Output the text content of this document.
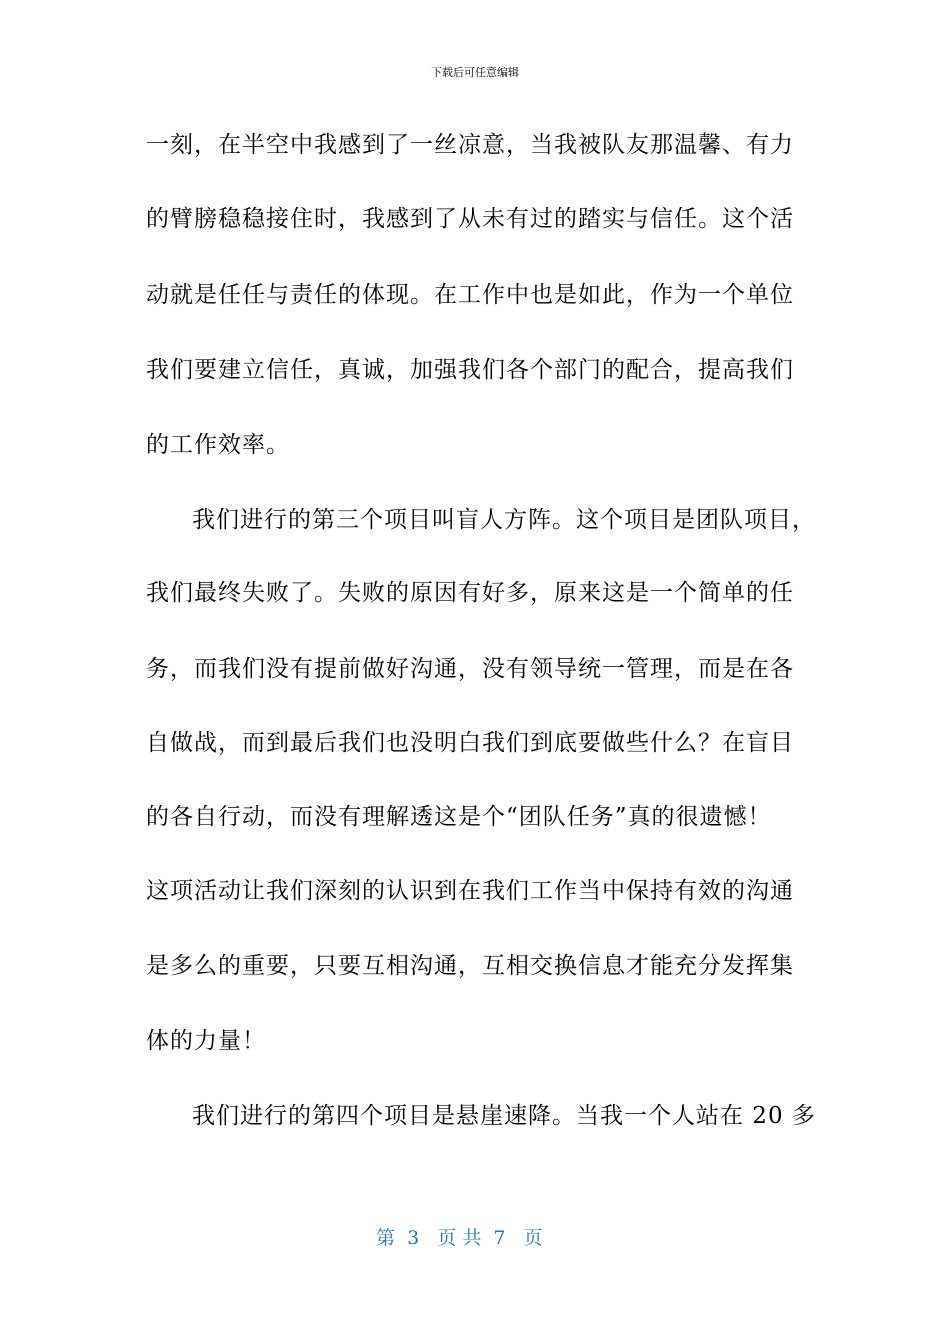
下载后可任意编辑
一刻，在半空中我感到了一丝凉意，当我被队友那温馨、有力
的臂膀稳稳接住时，我感到了从未有过的踏实与信任。这个活
动就是任任与责任的体现。在工作中也是如此，作为一个单位
我们要建立信任，真诚，加强我们各个部门的配合，提高我们
的工作效率。
我们进行的第三个项目叫盲人方阵。这个项目是团队项目，
我们最终失败了。失败的原因有好多，原来这是一个简单的任
务，而我们没有提前做好沟通，没有领导统一管理，而是在各
自做战，而到最后我们也没明白我们到底要做些什么？在盲目
的各自行动，而没有理解透这是个“团队任务”真的很遗憾！
这项活动让我们深刻的认识到在我们工作当中保持有效的沟通
是多么的重要，只要互相沟通，互相交换信息才能充分发挥集
体的力量！
我们进行的第四个项目是悬崖速降。当我一个人站在 20 多
第  3   页 共  7   页
